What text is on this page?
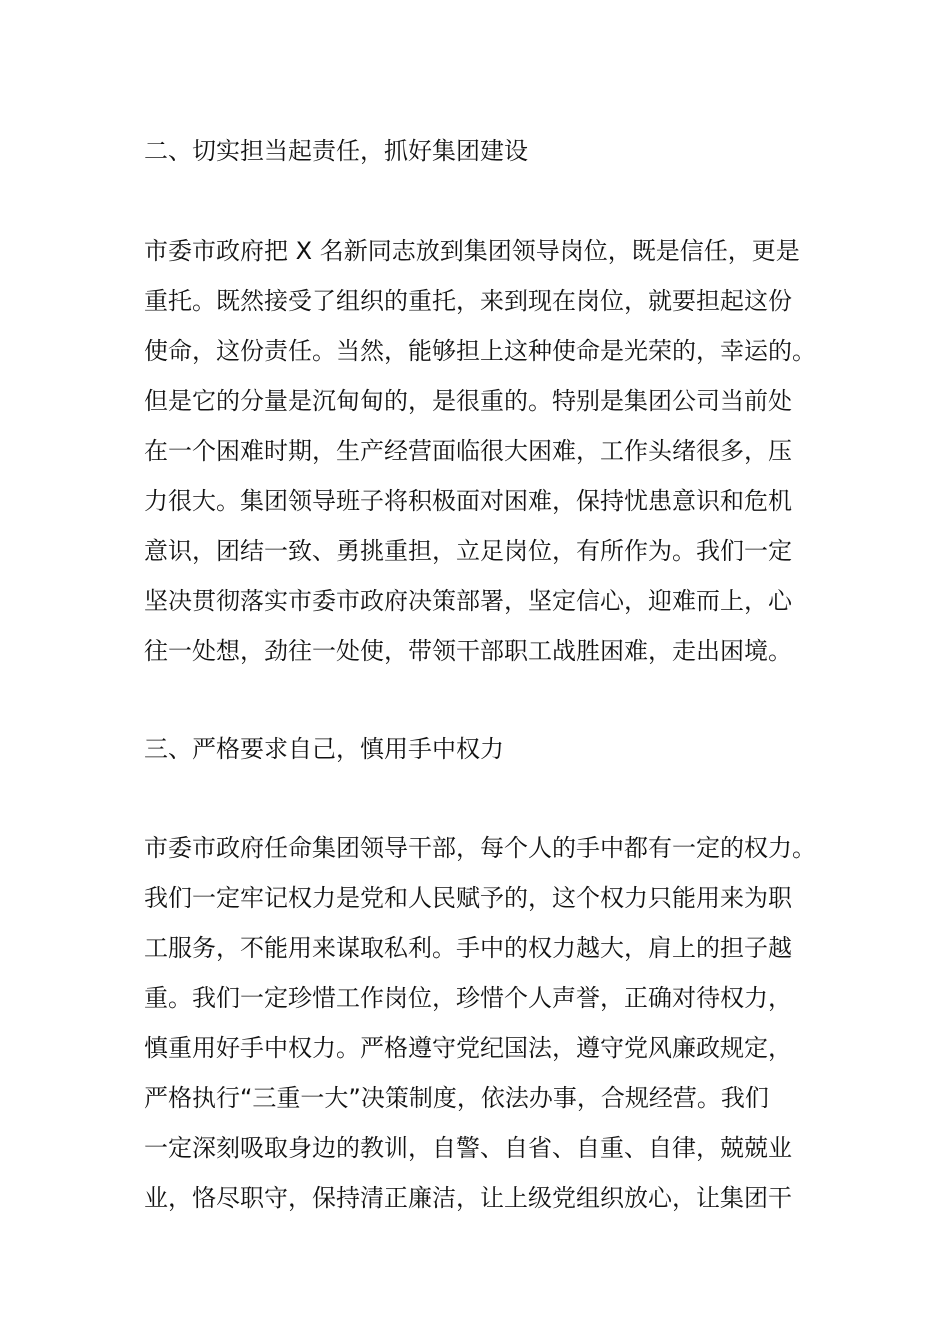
二、切实担当起责任，抓好集团建设
市委市政府把 X 名新同志放到集团领导岗位，既是信任，更是
重托。既然接受了组织的重托，来到现在岗位，就要担起这份
使命，这份责任。当然，能够担上这种使命是光荣的，幸运的。
但是它的分量是沉甸甸的，是很重的。特别是集团公司当前处
在一个困难时期，生产经营面临很大困难，工作头绪很多，压
力很大。集团领导班子将积极面对困难，保持忧患意识和危机
意识，团结一致、勇挑重担，立足岗位，有所作为。我们一定
坚决贯彻落实市委市政府决策部署，坚定信心，迎难而上，心
往一处想，劲往一处使，带领干部职工战胜困难，走出困境。
三、严格要求自己，慎用手中权力
市委市政府任命集团领导干部，每个人的手中都有一定的权力。
我们一定牢记权力是党和人民赋予的，这个权力只能用来为职
工服务，不能用来谋取私利。手中的权力越大，肩上的担子越
重。我们一定珍惜工作岗位，珍惜个人声誉，正确对待权力，
慎重用好手中权力。严格遵守党纪国法，遵守党风廉政规定，
严格执行“三重一大”决策制度，依法办事，合规经营。我们
一定深刻吸取身边的教训，自警、自省、自重、自律，兢兢业
业，恪尽职守，保持清正廉洁，让上级党组织放心，让集团干
